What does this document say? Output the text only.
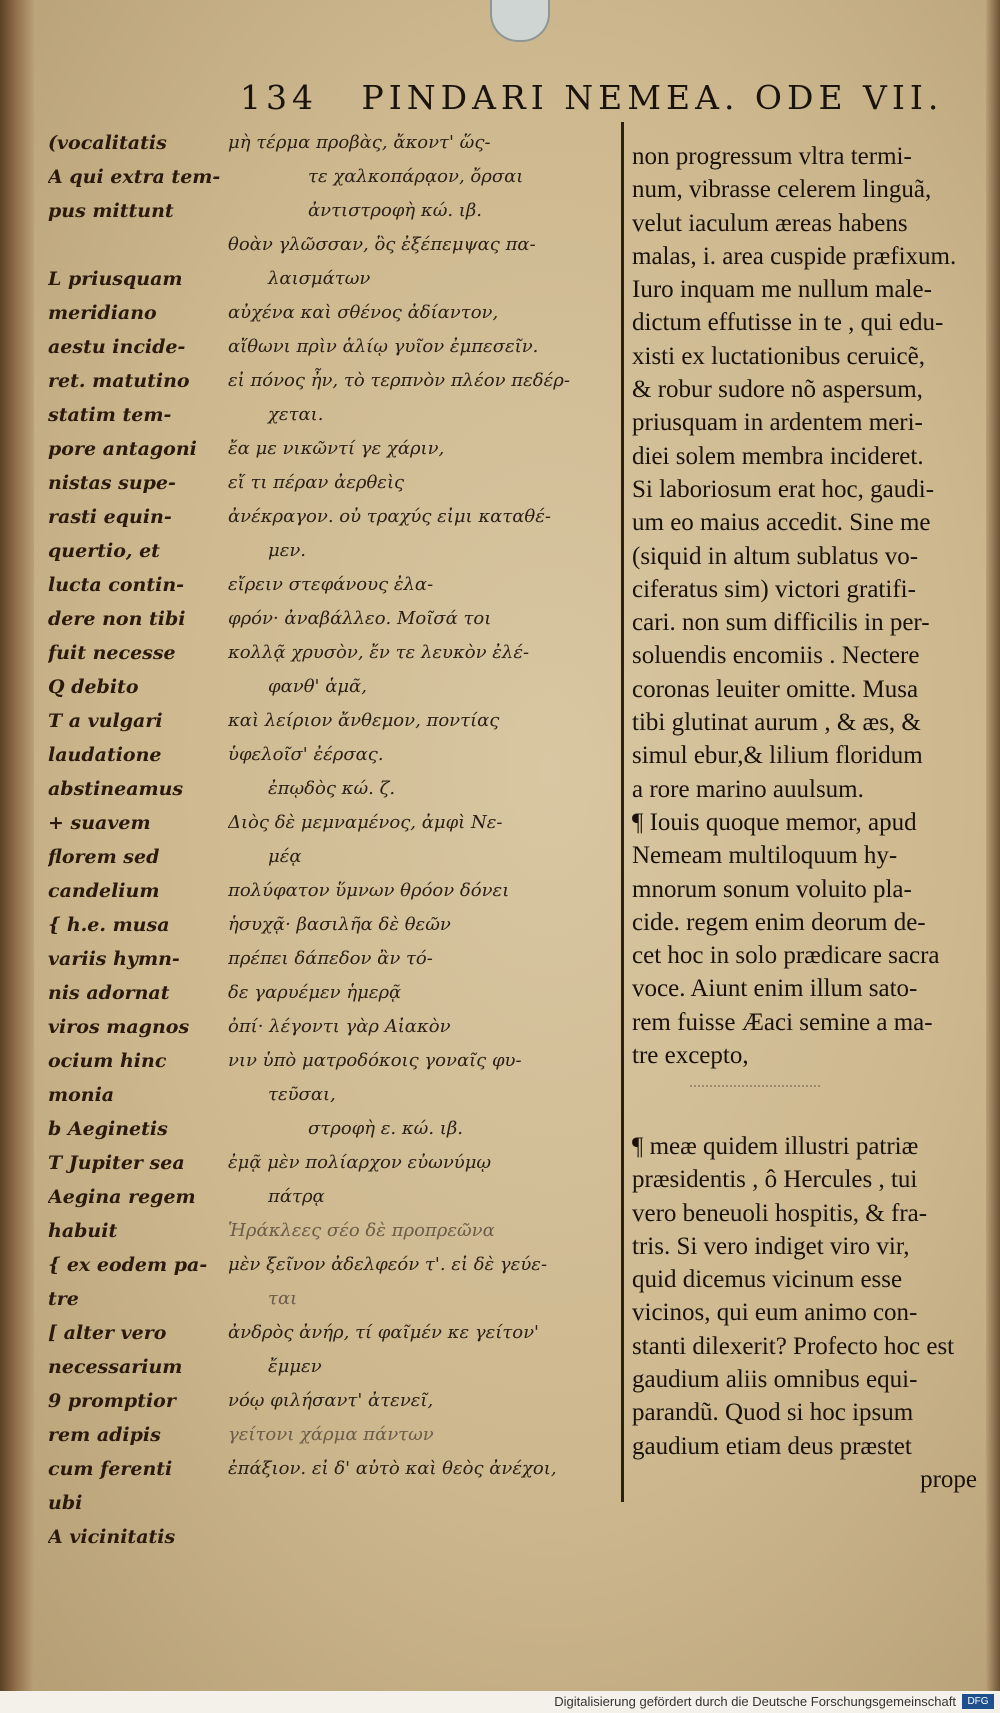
134 PINDARI NEMEA. ODE VII.
(vocalitatis
A qui extra tem-
pus mittunt
L priusquam
meridiano
aestu incide-
ret. matutino
statim tem-
pore antagoni
nistas supe-
rasti equin-
quertio, et
lucta contin-
dere non tibi
fuit necesse
Q debito
T a vulgari
laudatione
abstineamus
+ suavem
florem sed
candelium
{ h.e. musa
variis hymn-
nis adornat
viros magnos
ocium hinc
monia
b Aeginetis
T Jupiter sea
Aegina regem
habuit
{ ex eodem pa-
tre
[ alter vero
necessarium
9 promptior
rem adipis
cum ferenti
ubi
A vicinitatis
μὴ τέρμα προβὰς, ἄκοντ' ὥς-
τε χαλκοπάρᾳον, ὄρσαι
ἀντιστροφὴ κώ. ιβ.
θοὰν γλῶσσαν, ὃς ἐξέπεμψας πα-
λαισμάτων
αὐχένα καὶ σθένος ἀδίαντον,
αἴθωνι πρὶν ἁλίῳ γυῖον ἐμπεσεῖν.
εἰ πόνος ἦν, τὸ τερπνὸν πλέον πεδέρ-
χεται.
ἔα με νικῶντί γε χάριν,
εἴ τι πέραν ἀερθεὶς
ἀνέκραγον. οὐ τραχύς εἰμι καταθέ-
μεν.
εἴρειν στεφάνους ἐλα-
φρόν· ἀναβάλλεο. Μοῖσά τοι
κολλᾷ χρυσὸν, ἔν τε λευκὸν ἐλέ-
φανθ' ἁμᾶ,
καὶ λείριον ἄνθεμον, ποντίας
ὑφελοῖσ' ἐέρσας.
ἐπῳδὸς κώ. ζ.
Διὸς δὲ μεμναμένος, ἀμφὶ Νε-
μέᾳ
πολύφατον ὕμνων θρόον δόνει
ἡσυχᾷ· βασιλῆα δὲ θεῶν
πρέπει δάπεδον ἂν τό-
δε γαρυέμεν ἡμερᾷ
ὀπί· λέγοντι γὰρ Αἰακὸν
νιν ὑπὸ ματροδόκοις γοναῖς φυ-
τεῦσαι,
στροφὴ ε. κώ. ιβ.
ἐμᾷ μὲν πολίαρχον εὐωνύμῳ
πάτρᾳ
Ἡράκλεες σέο δὲ προπρεῶνα
μὲν ξεῖνον ἀδελφεόν τ'. εἰ δὲ γεύε-
ται
ἀνδρὸς ἀνήρ, τί φαῖμέν κε γείτον'
ἔμμεν
νόῳ φιλήσαντ' ἀτενεῖ,
γείτονι χάρμα πάντων
ἐπάξιον. εἰ δ' αὐτὸ καὶ θεὸς ἀνέχοι,
non progressum vltra termi-
num, vibrasse celerem linguã,
velut iaculum æreas habens
malas, i. area cuspide præfixum.
Iuro inquam me nullum male-
dictum effutisse in te , qui edu-
xisti ex luctationibus ceruicẽ,
& robur sudore nõ aspersum,
priusquam in ardentem meri-
diei solem membra incideret.
Si laboriosum erat hoc, gaudi-
um eo maius accedit. Sine me
(siquid in altum sublatus vo-
ciferatus sim) victori gratifi-
cari. non sum difficilis in per-
soluendis encomiis . Nectere
coronas leuiter omitte. Musa
tibi glutinat aurum , & æs, &
simul ebur,& lilium floridum
a rore marino auulsum.
¶ Iouis quoque memor, apud
Nemeam multiloquum hy-
mnorum sonum voluito pla-
cide. regem enim deorum de-
cet hoc in solo prædicare sacra
voce. Aiunt enim illum sato-
rem fuisse Æaci semine a ma-
tre excepto,
¶ meæ quidem illustri patriæ
præsidentis , ô Hercules , tui
vero beneuoli hospitis, & fra-
tris. Si vero indiget viro vir,
quid dicemus vicinum esse
vicinos, qui eum animo con-
stanti dilexerit? Profecto hoc est
gaudium aliis omnibus equi-
parandũ. Quod si hoc ipsum
gaudium etiam deus præstet
prope
Digitalisierung gefördert durch die Deutsche Forschungsgemeinschaft	DFG
